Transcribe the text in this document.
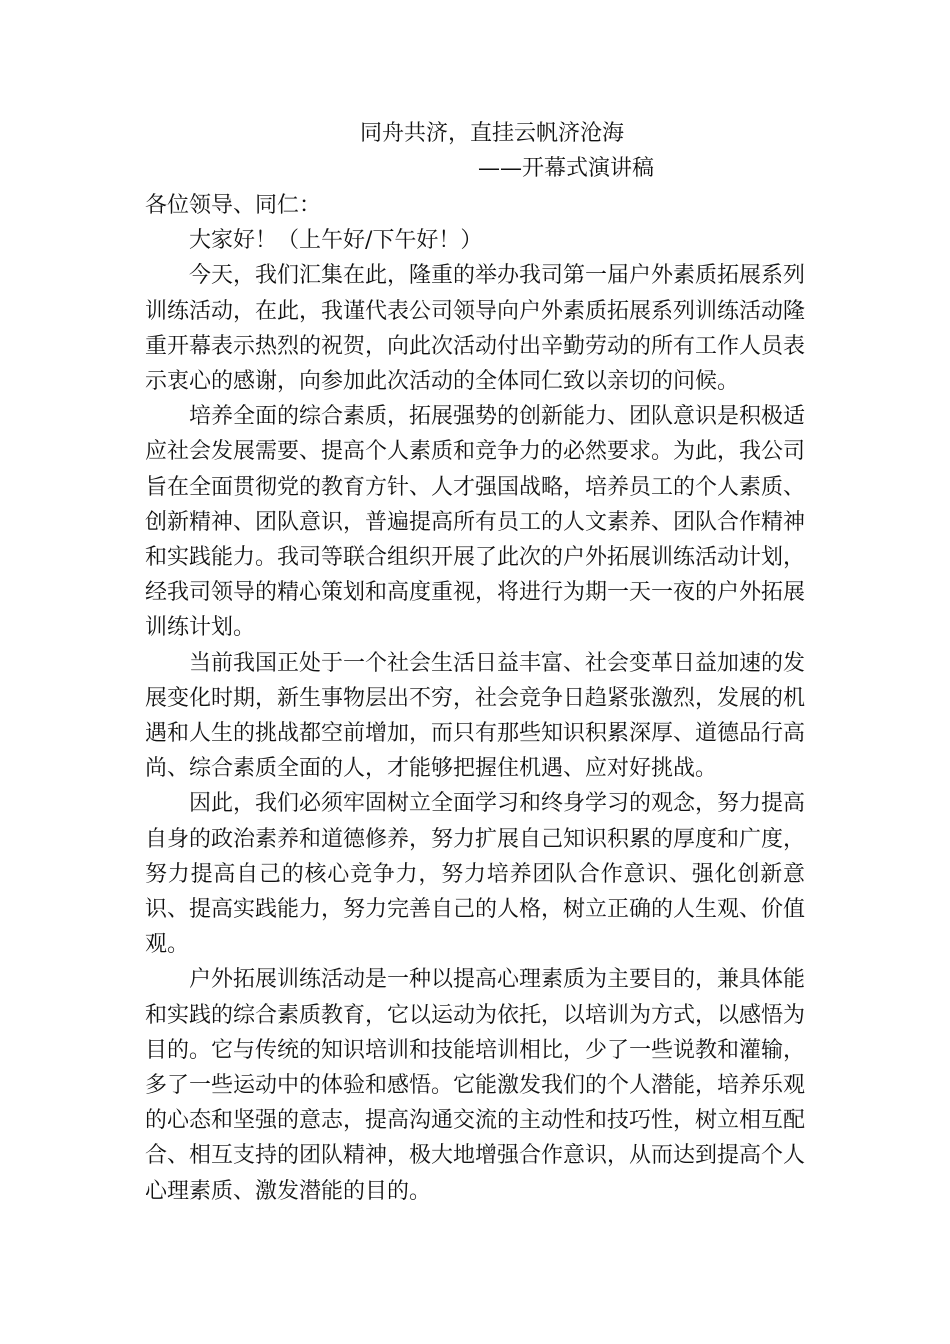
同舟共济，直挂云帆济沧海
——开幕式演讲稿

各位领导、同仁：

大家好！（上午好/下午好！）

今天，我们汇集在此，隆重的举办我司第一届户外素质拓展系列训练活动，在此，我谨代表公司领导向户外素质拓展系列训练活动隆重开幕表示热烈的祝贺，向此次活动付出辛勤劳动的所有工作人员表示衷心的感谢，向参加此次活动的全体同仁致以亲切的问候。

培养全面的综合素质，拓展强势的创新能力、团队意识是积极适应社会发展需要、提高个人素质和竞争力的必然要求。为此，我公司旨在全面贯彻党的教育方针、人才强国战略，培养员工的个人素质、创新精神、团队意识，普遍提高所有员工的人文素养、团队合作精神和实践能力。我司等联合组织开展了此次的户外拓展训练活动计划，经我司领导的精心策划和高度重视，将进行为期一天一夜的户外拓展训练计划。

当前我国正处于一个社会生活日益丰富、社会变革日益加速的发展变化时期，新生事物层出不穷，社会竞争日趋紧张激烈，发展的机遇和人生的挑战都空前增加，而只有那些知识积累深厚、道德品行高尚、综合素质全面的人，才能够把握住机遇、应对好挑战。

因此，我们必须牢固树立全面学习和终身学习的观念，努力提高自身的政治素养和道德修养，努力扩展自己知识积累的厚度和广度，努力提高自己的核心竞争力，努力培养团队合作意识、强化创新意识、提高实践能力，努力完善自己的人格，树立正确的人生观、价值观。

户外拓展训练活动是一种以提高心理素质为主要目的，兼具体能和实践的综合素质教育，它以运动为依托，以培训为方式，以感悟为目的。它与传统的知识培训和技能培训相比，少了一些说教和灌输，多了一些运动中的体验和感悟。它能激发我们的个人潜能，培养乐观的心态和坚强的意志，提高沟通交流的主动性和技巧性，树立相互配合、相互支持的团队精神，极大地增强合作意识，从而达到提高个人心理素质、激发潜能的目的。
